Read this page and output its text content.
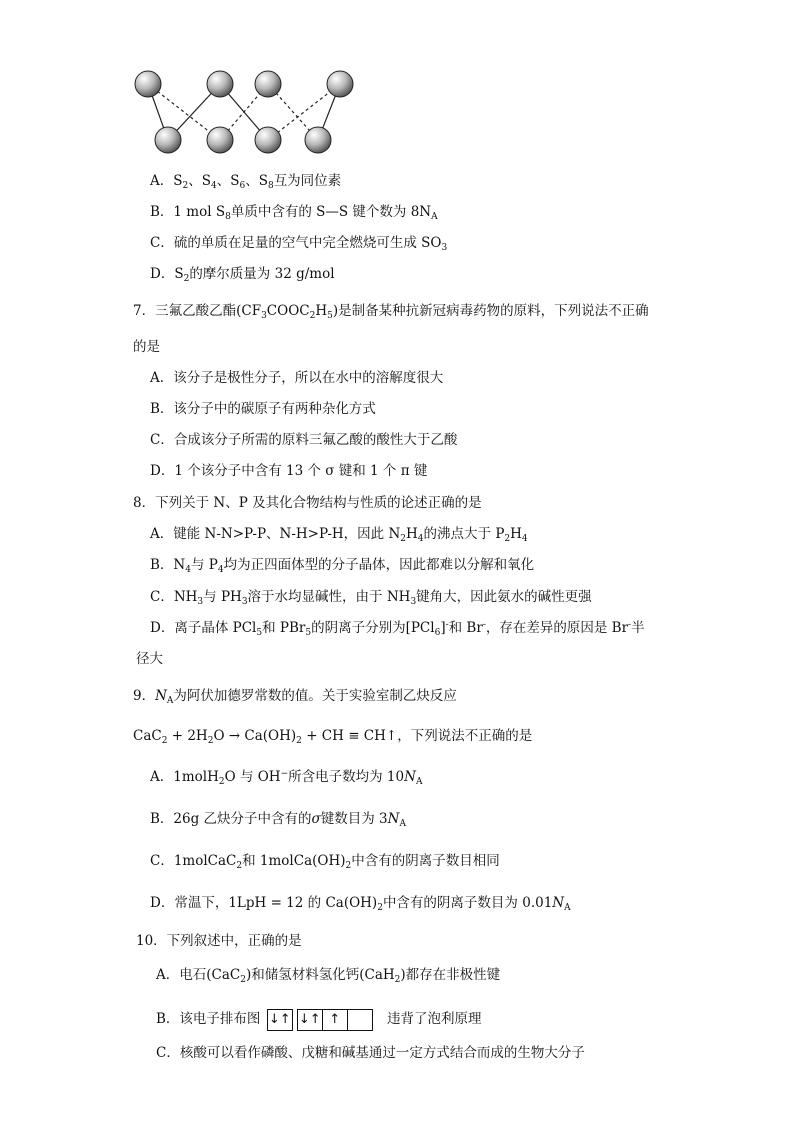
A．$S_2$、$S_4$、$S_6$、$S_8$互为同位素
B．1 mol $S_8$单质中含有的 S—S 键个数为 $8N_A$
C．硫的单质在足量的空气中完全燃烧可生成 $SO_3$
D．$S_2$的摩尔质量为 32 g/mol
7．三氟乙酸乙酯$(CF_3COOC_2H_5)$是制备某种抗新冠病毒药物的原料，下列说法不正确
的是
A．该分子是极性分子，所以在水中的溶解度很大
B．该分子中的碳原子有两种杂化方式
C．合成该分子所需的原料三氟乙酸的酸性大于乙酸
D．1 个该分子中含有 13 个 σ 键和 1 个 π 键
8．下列关于 N、P 及其化合物结构与性质的论述正确的是
A．键能 N-N>P-P、N-H>P-H，因此 $N_2H_4$的沸点大于 $P_2H_4$
B．$N_4$与 $P_4$均为正四面体型的分子晶体，因此都难以分解和氧化
C．$NH_3$与 $PH_3$溶于水均显碱性，由于 $NH_3$键角大，因此氨水的碱性更强
D．离子晶体 PCl$_5$和 PBr$_5$的阴离子分别为[PCl$_6$]-和 Br-，存在差异的原因是 Br-半
径大
9．$N_A$为阿伏加德罗常数的值。关于实验室制乙炔反应
$CaC_2 + 2H_2O \to Ca(OH)_2$ + CH ≡ CH↑，下列说法不正确的是
A．1molH$_2$O 与 OH−所含电子数均为 $10N_A$
B．26g 乙炔分子中含有的σ键数目为 $3N_A$
C．1molCaC$_2$和 $1molCa(OH)_2$中含有的阴离子数目相同
D．常温下，1LpH = 12 的 $Ca(OH)_2$中含有的阴离子数目为 $0.01N_A$
10．下列叙述中，正确的是
A．电石(CaC$_2$)和储氢材料氢化钙(CaH$_2$)都存在非极性键
B．该电子排布图 ↓↑ ↓↑ ↑	违背了泡利原理
C．核酸可以看作磷酸、戊糖和碱基通过一定方式结合而成的生物大分子
